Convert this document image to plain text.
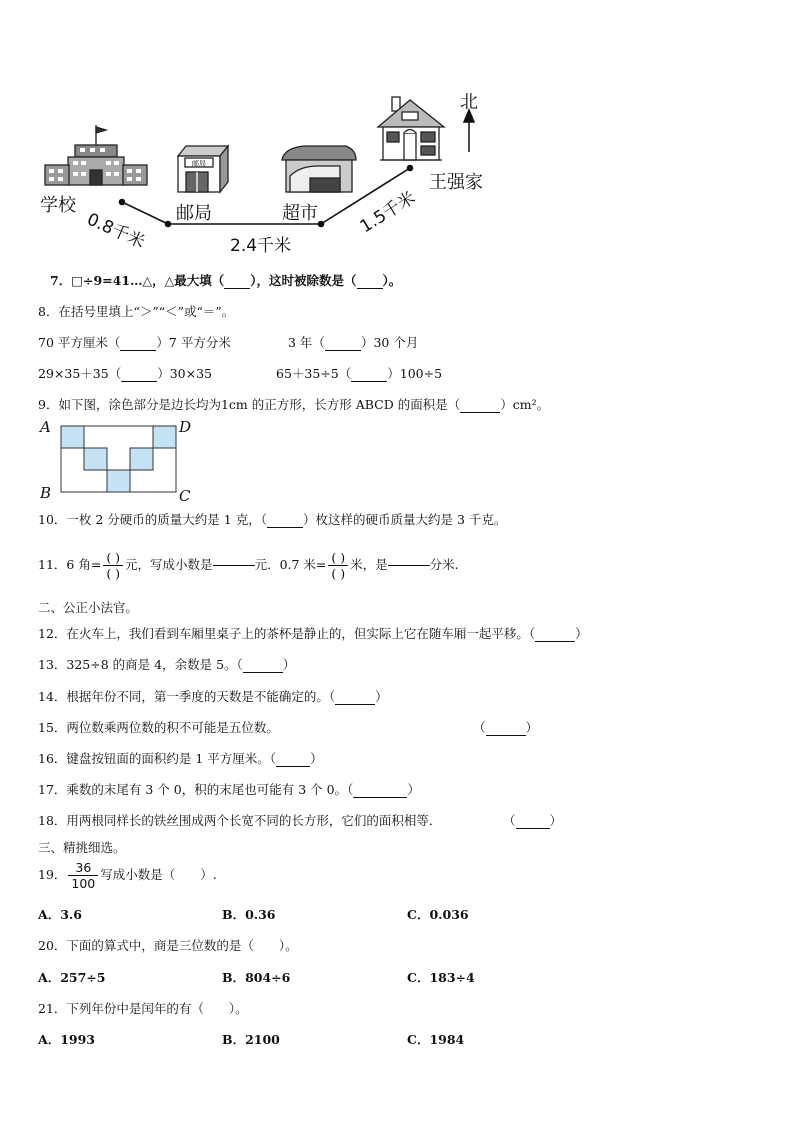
邮局
学校	邮局	超市
王强家
北
0.8千米	2.4千米
1.5千米
7．□÷9=41…△，△最大填（ ），这时被除数是（ ）。
8．在括号里填上“＞”“＜”或“＝”。
70 平方厘米（	）7 平方分米	3 年（	）30 个月
29×35＋35（	）30×35	65＋35÷5（	）100÷5
9．如下图，涂色部分是边长均为1cm 的正方形，长方形 ABCD 的面积是（	）cm²。
A	D
B	C
10．一枚 2 分硬币的质量大约是 1 克，（	）枚这样的硬币质量大约是 3 千克。
11．6 角= $\frac{( )}{( )}$ 元，写成小数是	元．0.7 米= $\frac{( )}{( )}$ 米，是	分米.
二、公正小法官。
12．在火车上，我们看到车厢里桌子上的茶杯是静止的，但实际上它在随车厢一起平移。（	）
13．325÷8 的商是 4，余数是 5。（	）
14．根据年份不同，第一季度的天数是不能确定的。（	）
15．两位数乘两位数的积不可能是五位数。	（	）
16．键盘按钮面的面积约是 1 平方厘米。（	）
17．乘数的末尾有 3 个 0，积的末尾也可能有 3 个 0。（	）
18．用两根同样长的铁丝围成两个长宽不同的长方形，它们的面积相等．	（	）
三、精挑细选。
19． $\frac{36}{100}$ 写成小数是（　　）.
A．3.6	B．0.36	C．0.036
20．下面的算式中，商是三位数的是（　　）。
A．257÷5	B．804÷6	C．183÷4
21．下列年份中是闰年的有（　　）。
A．1993	B．2100	C．1984
